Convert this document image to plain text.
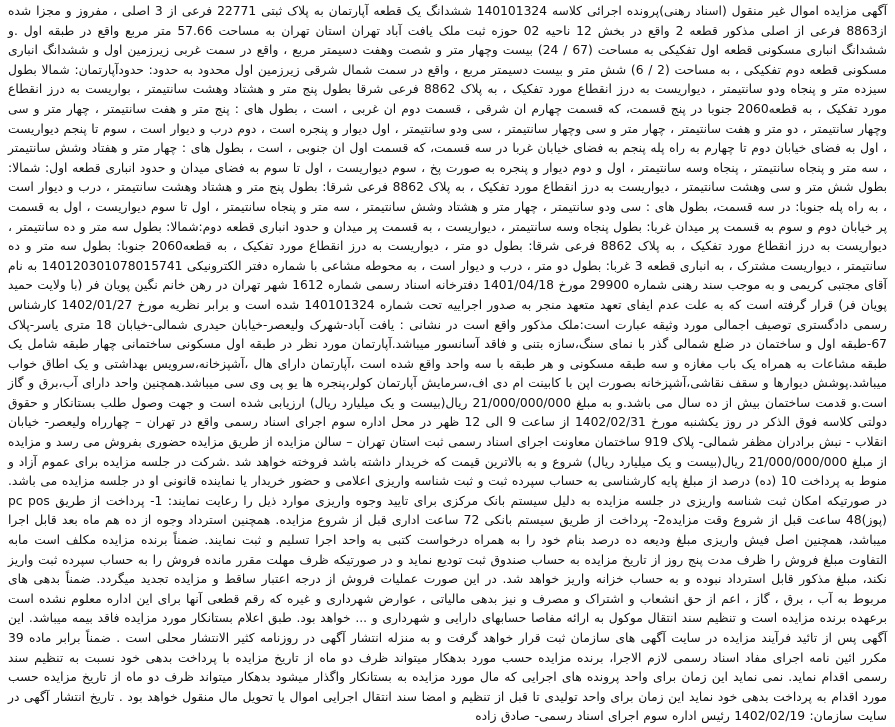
آگهی مزایده اموال غیر منقول (اسناد رهنی)پرونده اجرائی کلاسه 140101324 ششدانگ یک قطعه آپارتمان به پلاک ثبتی 22771 فرعی از 3 اصلی ، مفروز و مجزا شده از8863 فرعی از اصلی مذکور قطعه 2 واقع در بخش 12 ناحیه 02 حوزه ثبت ملک یافت آباد تهران استان تهران به مساحت 57.66 متر مربع واقع در طبقه اول .و ششدانگ انباری مسکونی قطعه اول تفکیکی به مساحت (67 / 24) بیست وچهار متر و شصت وهفت دسیمتر مربع ، واقع در سمت غربی زیرزمین اول و ششدانگ انباری مسکونی قطعه دوم تفکیکی ، به مساحت (2 / 6) شش متر و بیست دسیمتر مربع ، واقع در سمت شمال شرقی زیرزمین اول محدود به حدود: حدودآپارتمان: شمالا بطول سیزده متر و پنجاه ودو سانتیمتر ، دیواریست به درز انقطاع مورد تفکیک ، به پلاک 8862 فرعی شرقا بطول پنج متر و هشتاد وهشت سانتیمتر ، بواریست به درز انقطاع مورد تفکیک ، به قطعه2060 جنوبا در پنج قسمت، که قسمت چهارم ان شرقی ، قسمت دوم ان غربی ، است ، بطول های : پنج متر و هفت سانتیمتر ، چهار متر و سی وچهار سانتیمتر ، دو متر و هفت سانتیمتر ، چهار متر و سی وچهار سانتیمتر ، سی ودو سانتیمتر ، اول دیوار و پنجره است ، دوم درب و دیوار است ، سوم تا پنجم دیواریست ، اول به فضای خیابان دوم تا چهارم به راه پله پنجم به فضای خیابان غربا در سه قسمت، که قسمت اول ان جنوبی ، است ، بطول های : چهار متر و هفتاد وشش سانتیمتر ، سه متر و پنجاه سانتیمتر ، پنجاه وسه سانتیمتر ، اول و دوم دیوار و پنجره به صورت پخ ، سوم دیواریست ، اول تا سوم به فضای میدان و حدود انباری قطعه اول: شمالا: بطول شش متر و سی وهشت سانتیمتر ، دیواریست به درز انقطاع مورد تفکیک ، به پلاک 8862 فرعی شرقا: بطول پنج متر و هشتاد وهشت سانتیمتر ، درب و دیوار است ، به راه پله جنوبا: در سه قسمت، بطول های : سی ودو سانتیمتر ، چهار متر و هشتاد وشش سانتیمتر ، سه متر و پنجاه سانتیمتر ، اول تا سوم دیواریست ، اول به قسمت پر خیابان دوم و سوم به قسمت پر میدان غربا: بطول پنجاه وسه سانتیمتر ، دیواریست ، به قسمت پر میدان و حدود انباری قطعه دوم:شمالا: بطول سه متر و ده سانتیمتر ، دیواریست به درز انقطاع مورد تفکیک ، به پلاک 8862 فرعی شرقا: بطول دو متر ، دیواریست به درز انقطاع مورد تفکیک ، به قطعه2060 جنوبا: بطول سه متر و ده سانتیمتر ، دیواریست مشترک ، به انباری قطعه 3 غربا: بطول دو متر ، درب و دیوار است ، به محوطه مشاعی با شماره دفتر الکترونیکی 140120301078015741 به نام آقای مجتبی کریمی و به موجب سند رهنی شماره 29900 مورخ 1401/04/18 دفترخانه اسناد رسمی شماره 1612 شهر تهران در رهن خانم نگین پویان فر (با ولایت حمید پویان فر) قرار گرفته است که به علت عدم ایفای تعهد متعهد منجر به صدور اجراییه تحت شماره 140101324 شده است و برابر نظریه مورخ 1402/01/27 کارشناس رسمی دادگستری توصیف اجمالی مورد وثیقه عبارت است:ملک مذکور واقع است در نشانی : یافت آباد-شهرک ولیعصر-خیابان حیدری شمالی-خیابان 18 متری یاسر-پلاک 67-طبقه اول و ساختمان در ضلع شمالی گذر با نمای سنگ،سازه بتنی و فاقد آسانسور میباشد.آپارتمان مورد نظر در طبقه اول مسکونی ساختمانی چهار طبقه شامل یک طبقه مشاعات به همراه یک باب مغازه و سه طبقه مسکونی و هر طبقه با سه واحد واقع شده است ،آپارتمان دارای هال ،آشپزخانه،سرویس بهداشتی و یک اطاق خواب میباشد.پوشش دیوارها و سقف نقاشی،آشپزخانه بصورت اپن با کابینت ام دی اف،سرمایش آپارتمان کولر،پنجره ها یو پی وی سی میباشد.همچنین واحد دارای آب،برق و گاز است.و قدمت ساختمان بیش از ده سال می باشد.و به مبلغ 21/000/000/000 ریال(بیست و یک میلیارد ریال) ارزیابی شده است و جهت وصول طلب بستانکار و حقوق دولتی کلاسه فوق الذکر در روز یکشنبه مورخ 1402/02/31 از ساعت 9 الی 12 ظهر در محل اداره سوم اجرای اسناد رسمی واقع در تهران – چهارراه ولیعصر- خیابان انقلاب - نبش برادران مظفر شمالی- پلاک 919 ساختمان معاونت اجرای اسناد رسمی ثبت استان تهران – سالن مزایده از طریق مزایده حضوری بفروش می رسد و مزایده از مبلغ 21/000/000/000 ریال(بیست و یک میلیارد ریال) شروع و به بالاترین قیمت که خریدار داشته باشد فروخته خواهد شد .شرکت در جلسه مزایده برای عموم آزاد و منوط به پرداخت 10 (ده) درصد از مبلغ پایه کارشناسی به حساب سپرده ثبت و ثبت شناسه واریزی اعلامی و حضور خریدار یا نماینده قانونی او در جلسه مزایده می باشد. در صورتیکه امکان ثبت شناسه واریزی در جلسه مزایده به دلیل سیستم بانک مرکزی برای تایید وجوه واریزی موارد ذیل را رعایت نمایند: 1- پرداخت از طریق pc pos (پوز)48 ساعت قبل از شروع وقت مزایده2- پرداخت از طریق سیستم بانکی 72 ساعت اداری قبل از شروع مزایده. همچنین استرداد وجوه از ده هم ماه بعد قابل اجرا میباشد، همچنین اصل فیش واریزی مبلغ ودیعه ده درصد بنام خود را به همراه درخواست کتبی به واحد اجرا تسلیم و ثبت نمایند. ضمناً برنده مزایده مکلف است مابه التفاوت مبلغ فروش را ظرف مدت پنج روز از تاریخ مزایده به حساب صندوق ثبت تودیع نماید و در صورتیکه ظرف مهلت مقرر مانده فروش را به حساب سپرده ثبت واریز نکند، مبلغ مذکور قابل استرداد نبوده و به حساب خزانه واریز خواهد شد. در این صورت عملیات فروش از درجه اعتبار ساقط و مزایده تجدید میگردد. ضمناً بدهی های مربوط به آب ، برق ، گاز ، اعم از حق انشعاب و اشتراک و مصرف و نیز بدهی مالیاتی ، عوارض شهرداری و غیره که رقم قطعی آنها برای این اداره معلوم نشده است برعهده برنده مزایده است و تنظیم سند انتقال موکول به ارائه مفاصا حسابهای دارایی و شهرداری و ... خواهد بود. طبق اعلام بستانکار مورد مزایده فاقد بیمه میباشد. این آگهی پس از تائید فرآیند مزایده در سایت آگهی های سازمان ثبت قرار خواهد گرفت و به منزله انتشار آگهی در روزنامه کثیر الانتشار محلی است . ضمناً برابر ماده 39 مکرر ائین نامه اجرای مفاد اسناد رسمی لازم الاجرا، برنده مزایده حسب مورد بدهکار میتواند ظرف دو ماه از تاریخ مزایده با پرداخت بدهی خود نسبت به تنظیم سند رسمی اقدام نماید. نمی نماید این زمان برای واحد پرونده های اجرایی که مال مورد مزایده به بستانکار واگذار میشود بدهکار میتواند ظرف دو ماه از تاریخ مزایده حسب مورد اقدام به پرداخت بدهی خود نماید این زمان برای واحد تولیدی تا قبل از تنظیم و امضا سند انتقال اجرایی اموال یا تحویل مال منقول خواهد بود . تاریخ انتشار آگهی در سایت سازمان: 1402/02/19 رئیس اداره سوم اجرای اسناد رسمی- صادق زاده
